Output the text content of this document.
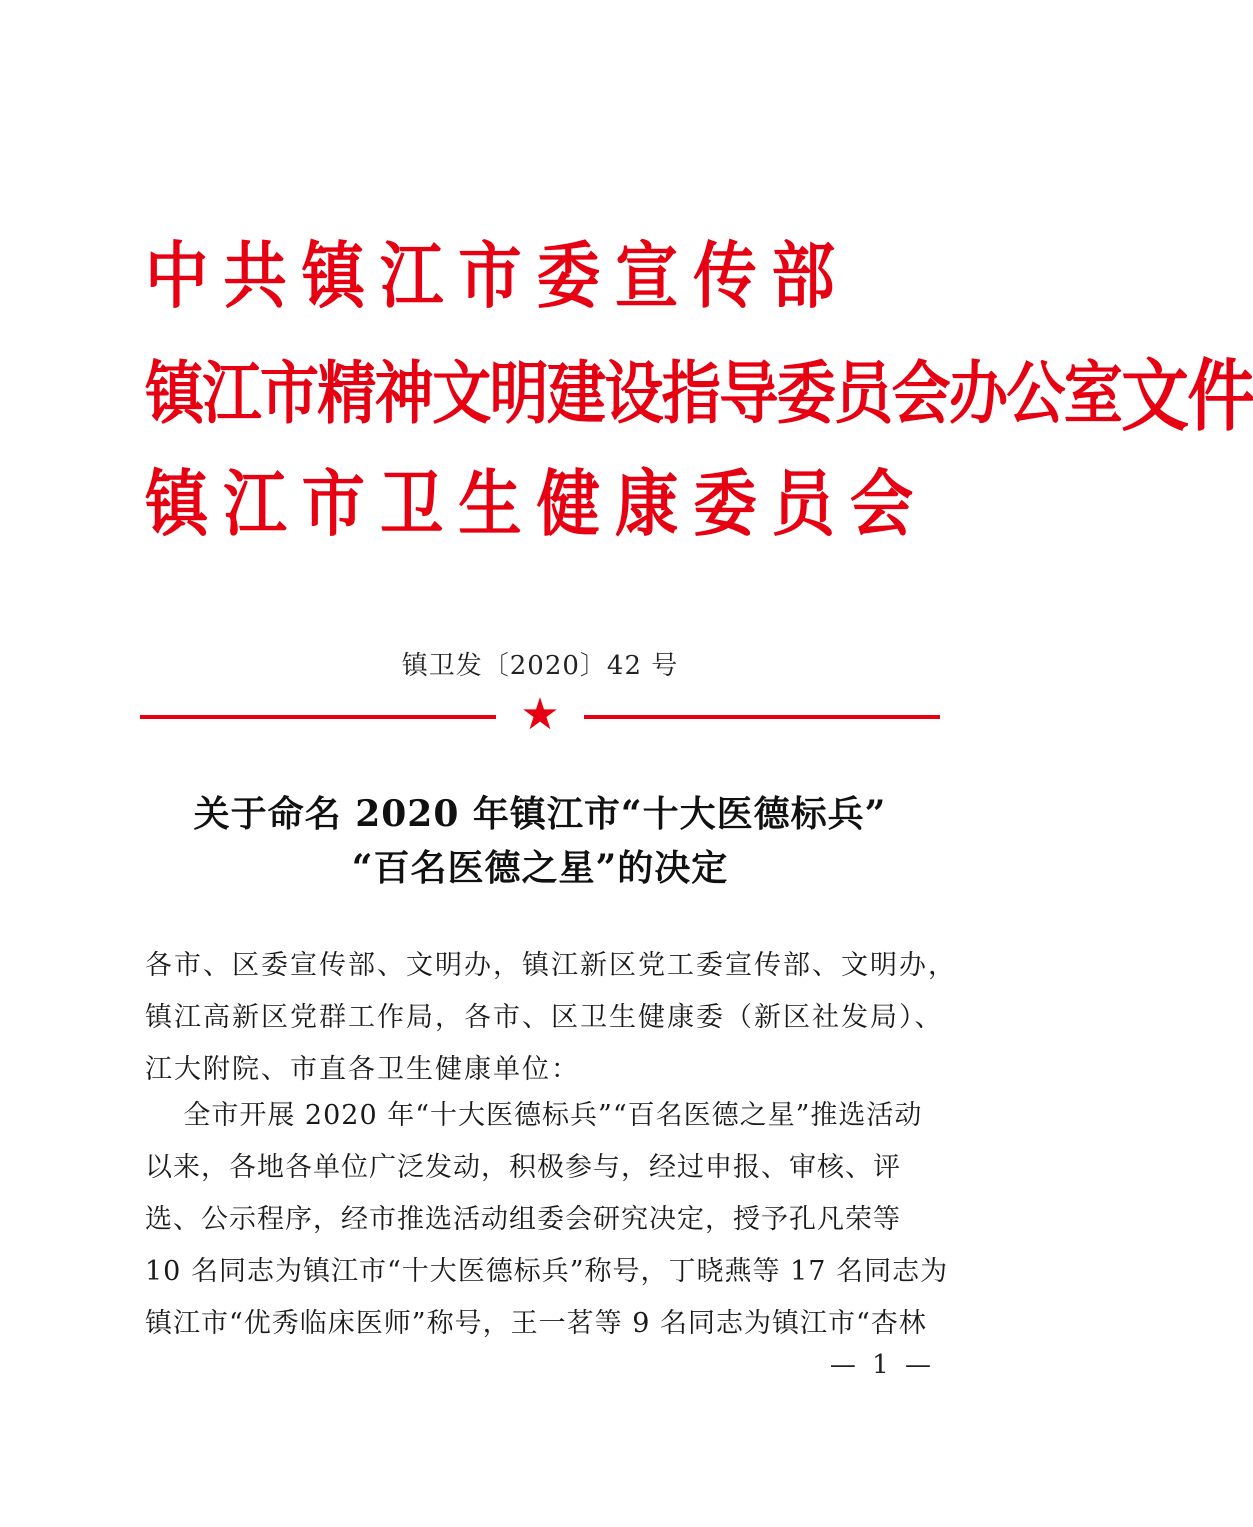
中共镇江市委宣传部
镇江市精神文明建设指导委员会办公室文件
镇江市卫生健康委员会
镇卫发〔2020〕42 号
★
关于命名 2020 年镇江市“十大医德标兵”
“百名医德之星”的决定
各市、区委宣传部、文明办，镇江新区党工委宣传部、文明办，
镇江高新区党群工作局，各市、区卫生健康委（新区社发局）、
江大附院、市直各卫生健康单位：
全市开展 2020 年“十大医德标兵”“百名医德之星”推选活动
以来，各地各单位广泛发动，积极参与，经过申报、审核、评
选、公示程序，经市推选活动组委会研究决定，授予孔凡荣等
10 名同志为镇江市“十大医德标兵”称号，丁晓燕等 17 名同志为
镇江市“优秀临床医师”称号，王一茗等 9 名同志为镇江市“杏林
— 1 —
